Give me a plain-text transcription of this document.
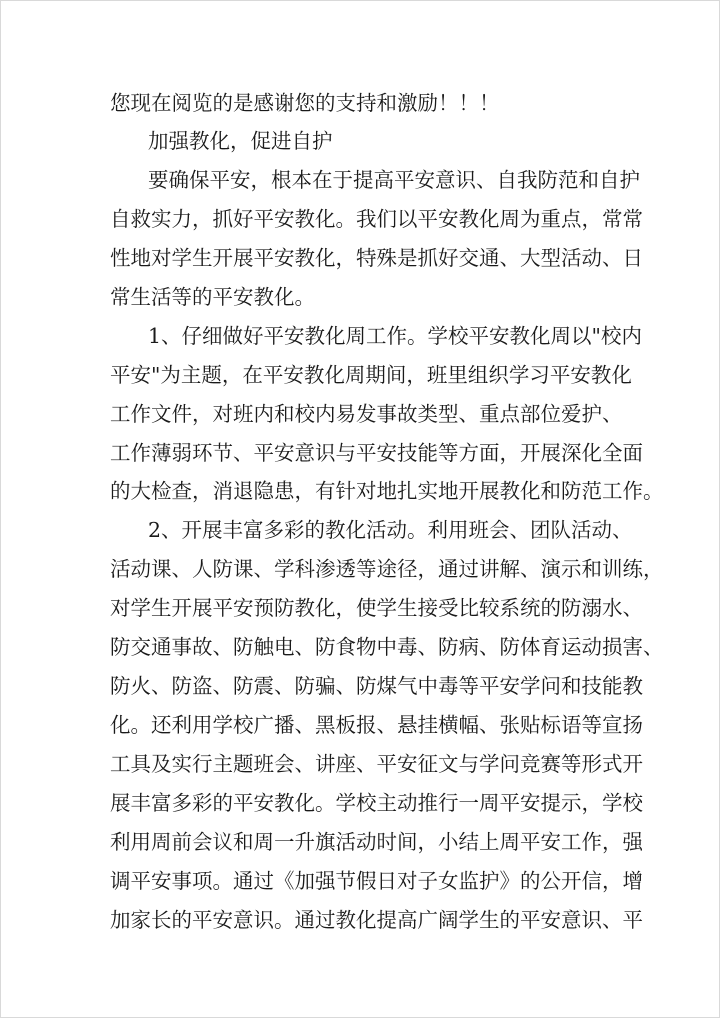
您现在阅览的是感谢您的支持和激励！！！
加强教化，促进自护
要确保平安，根本在于提高平安意识、自我防范和自护
自救实力，抓好平安教化。我们以平安教化周为重点，常常
性地对学生开展平安教化，特殊是抓好交通、大型活动、日
常生活等的平安教化。
1、仔细做好平安教化周工作。学校平安教化周以"校内
平安"为主题，在平安教化周期间，班里组织学习平安教化
工作文件，对班内和校内易发事故类型、重点部位爱护、
工作薄弱环节、平安意识与平安技能等方面，开展深化全面
的大检查，消退隐患，有针对地扎实地开展教化和防范工作。
2、开展丰富多彩的教化活动。利用班会、团队活动、
活动课、人防课、学科渗透等途径，通过讲解、演示和训练，
对学生开展平安预防教化，使学生接受比较系统的防溺水、
防交通事故、防触电、防食物中毒、防病、防体育运动损害、
防火、防盗、防震、防骗、防煤气中毒等平安学问和技能教
化。还利用学校广播、黑板报、悬挂横幅、张贴标语等宣扬
工具及实行主题班会、讲座、平安征文与学问竞赛等形式开
展丰富多彩的平安教化。学校主动推行一周平安提示，学校
利用周前会议和周一升旗活动时间，小结上周平安工作，强
调平安事项。通过《加强节假日对子女监护》的公开信，增
加家长的平安意识。通过教化提高广阔学生的平安意识、平
